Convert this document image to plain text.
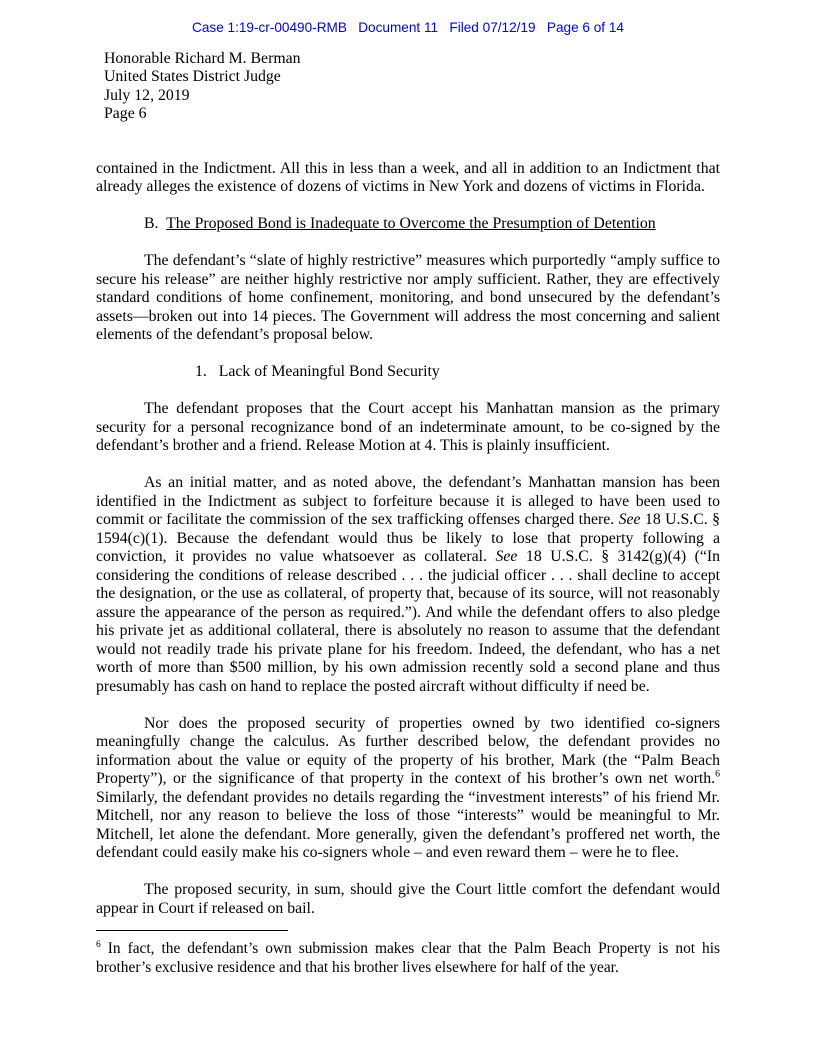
Case 1:19-cr-00490-RMB   Document 11   Filed 07/12/19   Page 6 of 14
Honorable Richard M. Berman
United States District Judge
July 12, 2019
Page 6
contained in the Indictment. All this in less than a week, and all in addition to an Indictment that already alleges the existence of dozens of victims in New York and dozens of victims in Florida.
B.  The Proposed Bond is Inadequate to Overcome the Presumption of Detention
The defendant’s “slate of highly restrictive” measures which purportedly “amply suffice to secure his release” are neither highly restrictive nor amply sufficient. Rather, they are effectively standard conditions of home confinement, monitoring, and bond unsecured by the defendant’s assets—broken out into 14 pieces. The Government will address the most concerning and salient elements of the defendant’s proposal below.
1.   Lack of Meaningful Bond Security
The defendant proposes that the Court accept his Manhattan mansion as the primary security for a personal recognizance bond of an indeterminate amount, to be co-signed by the defendant’s brother and a friend. Release Motion at 4. This is plainly insufficient.
As an initial matter, and as noted above, the defendant’s Manhattan mansion has been identified in the Indictment as subject to forfeiture because it is alleged to have been used to commit or facilitate the commission of the sex trafficking offenses charged there. See 18 U.S.C. § 1594(c)(1). Because the defendant would thus be likely to lose that property following a conviction, it provides no value whatsoever as collateral. See 18 U.S.C. § 3142(g)(4) (“In considering the conditions of release described . . . the judicial officer . . . shall decline to accept the designation, or the use as collateral, of property that, because of its source, will not reasonably assure the appearance of the person as required.”). And while the defendant offers to also pledge his private jet as additional collateral, there is absolutely no reason to assume that the defendant would not readily trade his private plane for his freedom. Indeed, the defendant, who has a net worth of more than $500 million, by his own admission recently sold a second plane and thus presumably has cash on hand to replace the posted aircraft without difficulty if need be.
Nor does the proposed security of properties owned by two identified co-signers meaningfully change the calculus. As further described below, the defendant provides no information about the value or equity of the property of his brother, Mark (the “Palm Beach Property”), or the significance of that property in the context of his brother’s own net worth.$^6$ Similarly, the defendant provides no details regarding the “investment interests” of his friend Mr. Mitchell, nor any reason to believe the loss of those “interests” would be meaningful to Mr. Mitchell, let alone the defendant. More generally, given the defendant’s proffered net worth, the defendant could easily make his co-signers whole – and even reward them – were he to flee.
The proposed security, in sum, should give the Court little comfort the defendant would appear in Court if released on bail.
$^6$ In fact, the defendant’s own submission makes clear that the Palm Beach Property is not his brother’s exclusive residence and that his brother lives elsewhere for half of the year.
